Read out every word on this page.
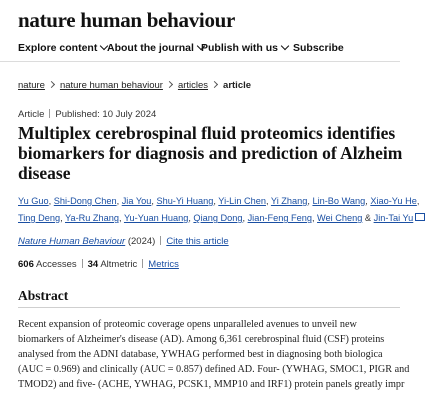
nature human behaviour
Explore content About the journal Publish with us	Subscribe
nature nature human behaviour articles article
Article Published: 10 July 2024
Multiplex cerebrospinal fluid proteomics identifies
biomarkers for diagnosis and prediction of Alzheim
disease
Yu Guo, Shi-Dong Chen, Jia You, Shu-Yi Huang, Yi-Lin Chen, Yi Zhang, Lin-Bo Wang, Xiao-Yu He,
Ting Deng, Ya-Ru Zhang, Yu-Yuan Huang, Qiang Dong, Jian-Feng Feng, Wei Cheng & Jin-Tai Yu
Nature Human Behaviour (2024) Cite this article
606 Accesses 34 Altmetric Metrics
Abstract
Recent expansion of proteomic coverage opens unparalleled avenues to unveil new
biomarkers of Alzheimer's disease (AD). Among 6,361 cerebrospinal fluid (CSF) proteins
analysed from the ADNI database, YWHAG performed best in diagnosing both biologica
(AUC = 0.969) and clinically (AUC = 0.857) defined AD. Four- (YWHAG, SMOC1, PIGR and
TMOD2) and five- (ACHE, YWHAG, PCSK1, MMP10 and IRF1) protein panels greatly impr
